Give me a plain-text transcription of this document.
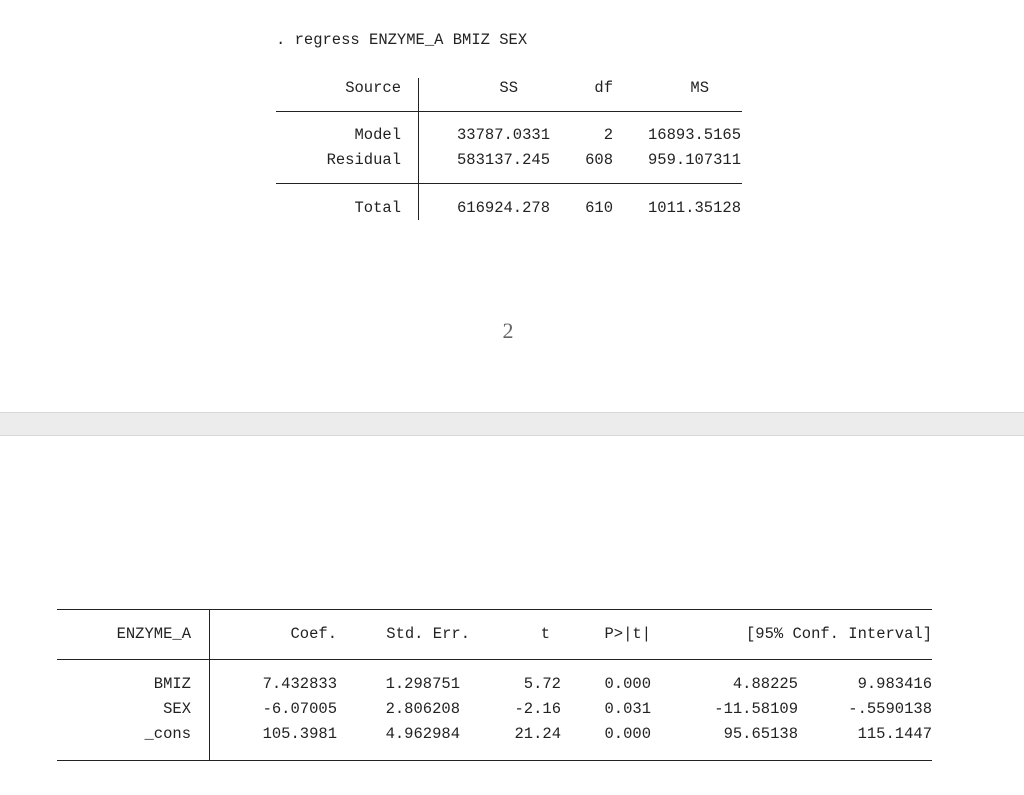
. regress ENZYME_A BMIZ SEX
Source	SS	df	MS
Model	33787.0331	2	16893.5165
Residual	583137.245	608	959.107311
Total	616924.278	610	1011.35128
2
ENZYME_A	Coef.	Std. Err.	t	P>|t|	[95% Conf. Interval]
BMIZ	7.432833	1.298751	5.72	0.000	4.88225	9.983416
SEX	-6.07005	2.806208	-2.16	0.031	-11.58109	-.5590138
_cons	105.3981	4.962984	21.24	0.000	95.65138	115.1447
